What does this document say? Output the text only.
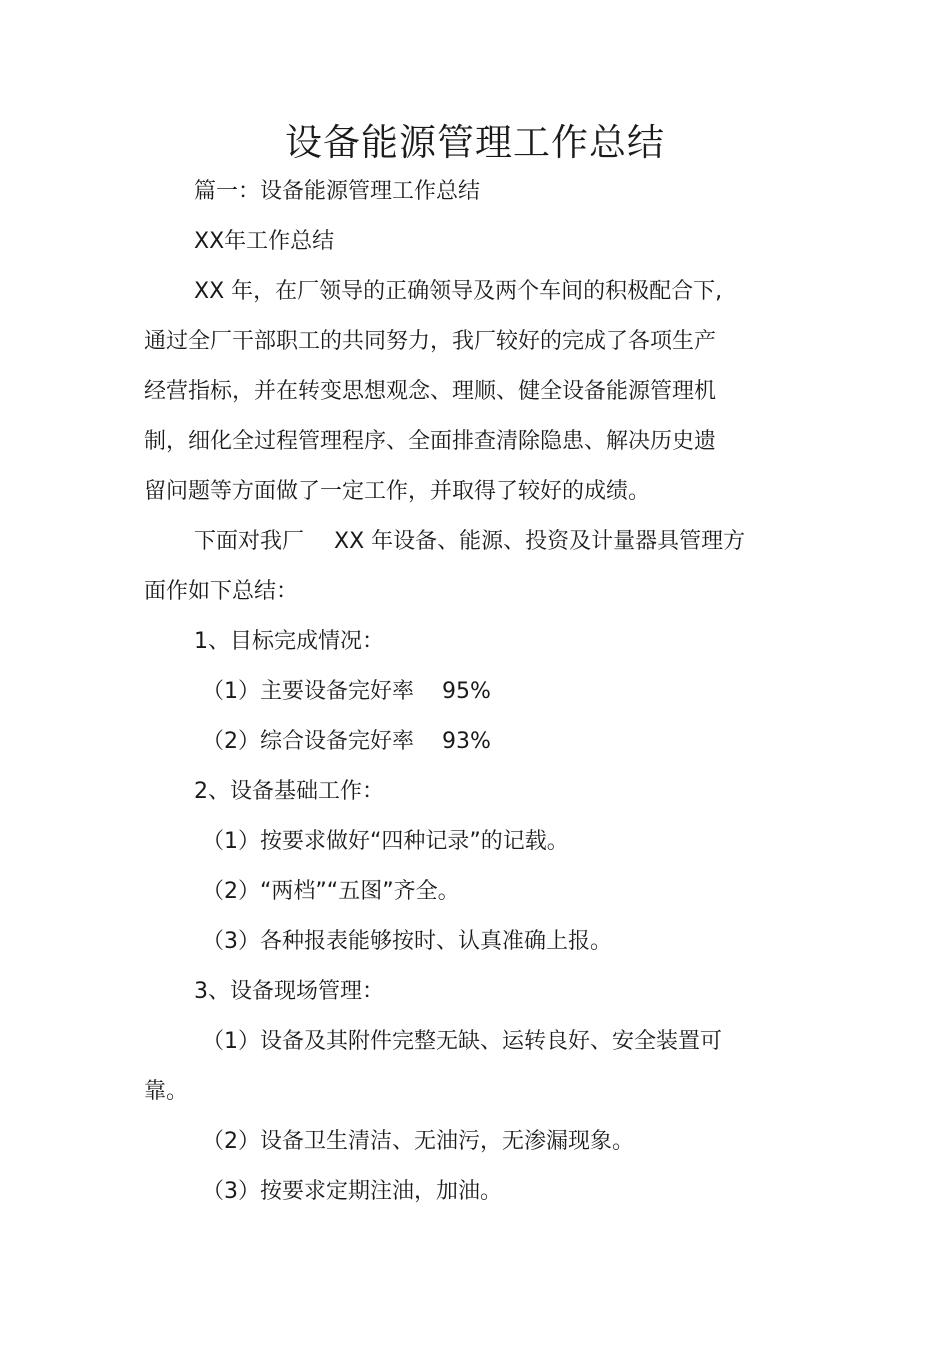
设备能源管理工作总结

篇一：设备能源管理工作总结

XX年工作总结

XX 年，在厂领导的正确领导及两个车间的积极配合下,

通过全厂干部职工的共同努力，我厂较好的完成了各项生产

经营指标，并在转变思想观念、理顺、健全设备能源管理机

制，细化全过程管理程序、全面排查清除隐患、解决历史遗

留问题等方面做了一定工作，并取得了较好的成绩。

下面对我厂 XX 年设备、能源、投资及计量器具管理方

面作如下总结：

1、目标完成情况：

（1）主要设备完好率 95%

（2）综合设备完好率 93%

2、设备基础工作：

（1）按要求做好“四种记录”的记载。

（2）“两档”“五图”齐全。

（3）各种报表能够按时、认真准确上报。

3、设备现场管理：

（1）设备及其附件完整无缺、运转良好、安全装置可

靠。

（2）设备卫生清洁、无油污，无渗漏现象。

（3）按要求定期注油，加油。
